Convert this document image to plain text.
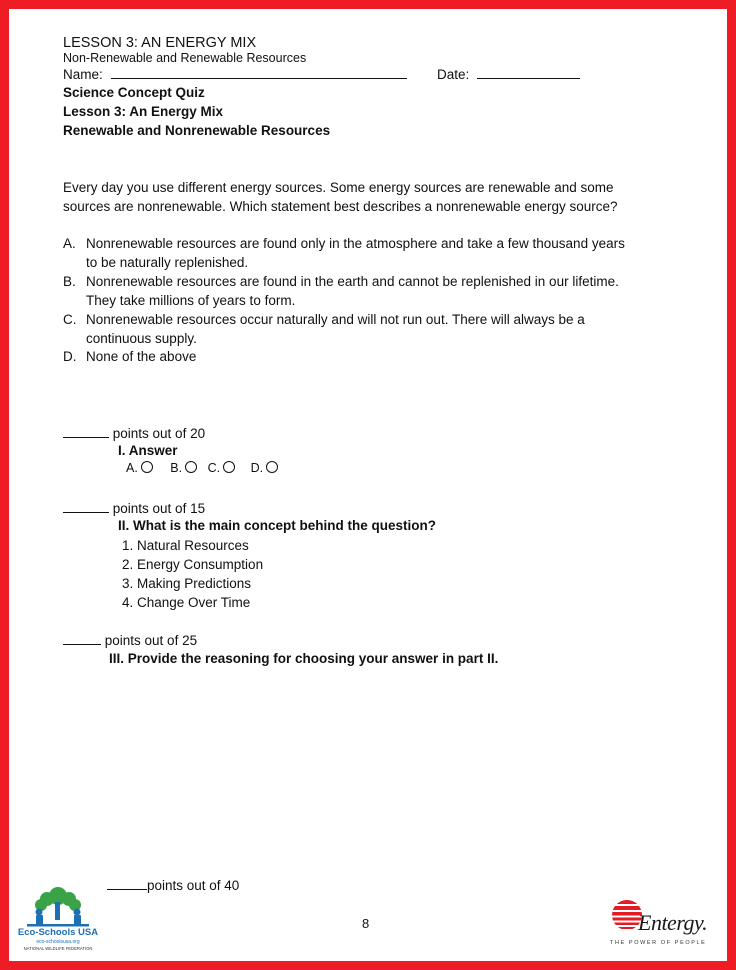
LESSON 3: AN ENERGY MIX
Non-Renewable and Renewable Resources
Name:	Date:
Science Concept Quiz
Lesson 3: An Energy Mix
Renewable and Nonrenewable Resources
Every day you use different energy sources. Some energy sources are renewable and some
sources are nonrenewable. Which statement best describes a nonrenewable energy source?
A. Nonrenewable resources are found only in the atmosphere and take a few thousand years
to be naturally replenished.
B. Nonrenewable resources are found in the earth and cannot be replenished in our lifetime.
They take millions of years to form.
C. Nonrenewable resources occur naturally and will not run out. There will always be a
continuous supply.
D. None of the above
points out of 20
I. Answer
A.	B. C. D.
points out of 15
II. What is the main concept behind the question?
1. Natural Resources
2. Energy Consumption
3. Making Predictions
4. Change Over Time
points out of 25
III. Provide the reasoning for choosing your answer in part II.
points out of 40
8
Eco-Schools USA
eco-schoolsusa.org
NATIONAL WILDLIFE FEDERATION
Entergy.
THE POWER OF PEOPLE
